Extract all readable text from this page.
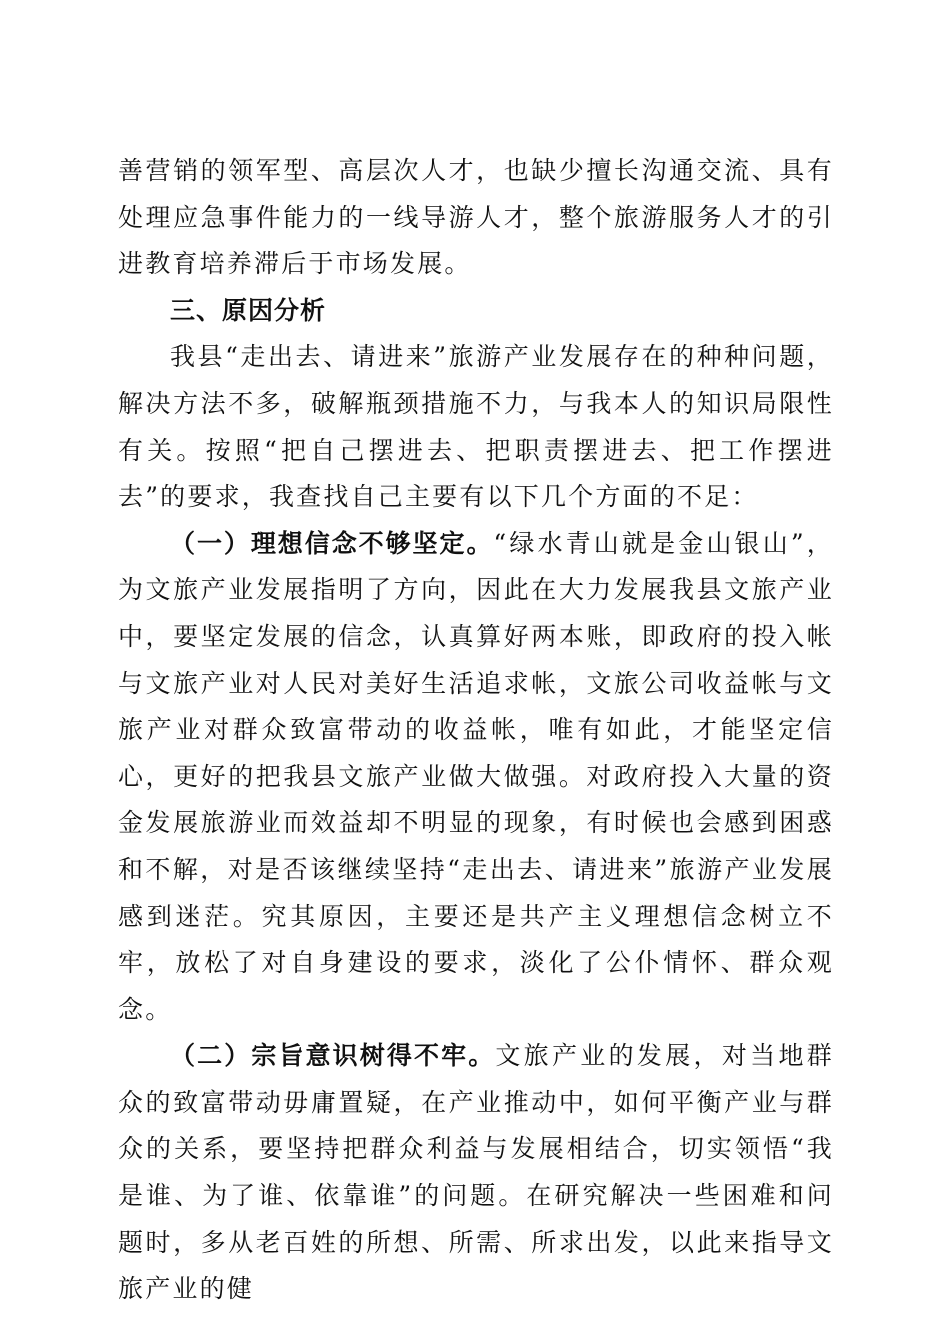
善营销的领军型、高层次人才，也缺少擅长沟通交流、具有处理应急事件能力的一线导游人才，整个旅游服务人才的引进教育培养滞后于市场发展。

三、原因分析

我县“走出去、请进来”旅游产业发展存在的种种问题，解决方法不多，破解瓶颈措施不力，与我本人的知识局限性有关。按照“把自己摆进去、把职责摆进去、把工作摆进去”的要求，我查找自己主要有以下几个方面的不足：

（一）理想信念不够坚定。“绿水青山就是金山银山”，为文旅产业发展指明了方向，因此在大力发展我县文旅产业中，要坚定发展的信念，认真算好两本账，即政府的投入帐与文旅产业对人民对美好生活追求帐，文旅公司收益帐与文旅产业对群众致富带动的收益帐，唯有如此，才能坚定信心，更好的把我县文旅产业做大做强。对政府投入大量的资金发展旅游业而效益却不明显的现象，有时候也会感到困惑和不解，对是否该继续坚持“走出去、请进来”旅游产业发展感到迷茫。究其原因，主要还是共产主义理想信念树立不牢，放松了对自身建设的要求，淡化了公仆情怀、群众观念。

（二）宗旨意识树得不牢。文旅产业的发展，对当地群众的致富带动毋庸置疑，在产业推动中，如何平衡产业与群众的关系，要坚持把群众利益与发展相结合，切实领悟“我是谁、为了谁、依靠谁”的问题。在研究解决一些困难和问题时，多从老百姓的所想、所需、所求出发，以此来指导文旅产业的健
